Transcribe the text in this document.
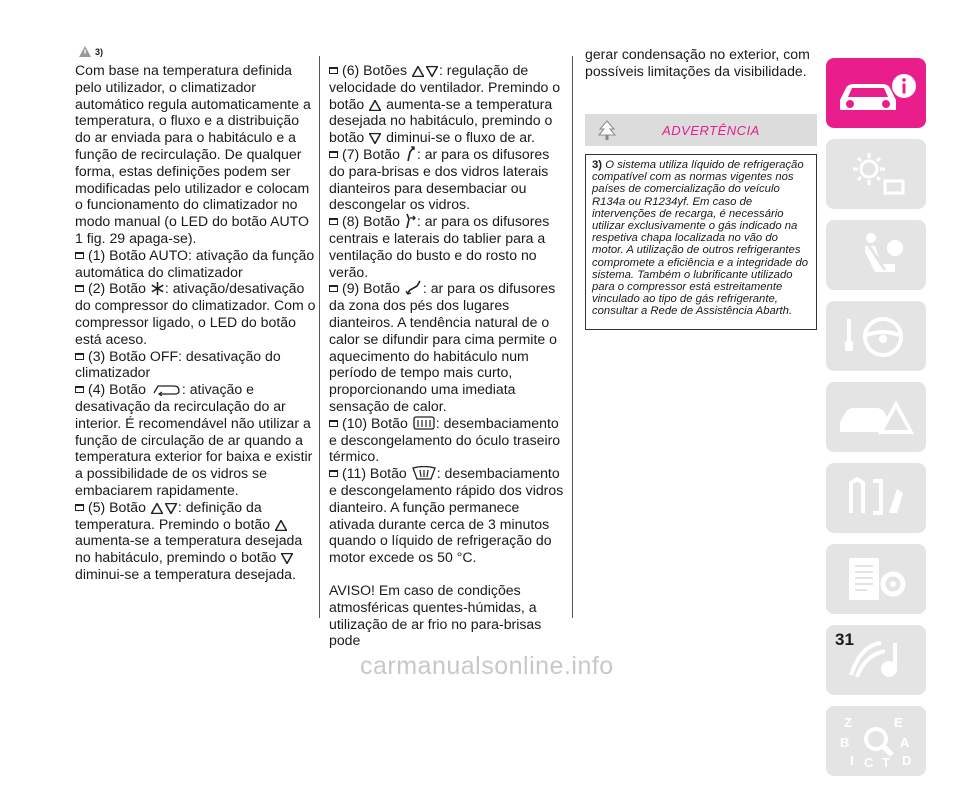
3)

Com base na temperatura definida pelo utilizador, o climatizador automático regula automaticamente a temperatura, o fluxo e a distribuição do ar enviada para o habitáculo e a função de recirculação. De qualquer forma, estas definições podem ser modificadas pelo utilizador e colocam o funcionamento do climatizador no modo manual (o LED do botão AUTO 1 fig. 29 apaga-se).

(1) Botão AUTO: ativação da função automática do climatizador

(2) Botão : ativação/desativação do compressor do climatizador. Com o compressor ligado, o LED do botão está aceso.

(3) Botão OFF: desativação do climatizador

(4) Botão : ativação e desativação da recirculação do ar interior. É recomendável não utilizar a função de circulação de ar quando a temperatura exterior for baixa e existir a possibilidade de os vidros se embaciarem rapidamente.

(5) Botão : definição da temperatura. Premindo o botão  aumenta-se a temperatura desejada no habitáculo, premindo o botão  diminui-se a temperatura desejada.

(6) Botões : regulação de velocidade do ventilador. Premindo o botão  aumenta-se a temperatura desejada no habitáculo, premindo o botão  diminui-se o fluxo de ar.

(7) Botão : ar para os difusores do para-brisas e dos vidros laterais dianteiros para desembaciar ou descongelar os vidros.

(8) Botão : ar para os difusores centrais e laterais do tablier para a ventilação do busto e do rosto no verão.

(9) Botão : ar para os difusores da zona dos pés dos lugares dianteiros. A tendência natural de o calor se difundir para cima permite o aquecimento do habitáculo num período de tempo mais curto, proporcionando uma imediata sensação de calor.

(10) Botão : desembaciamento e descongelamento do óculo traseiro térmico.

(11) Botão : desembaciamento e descongelamento rápido dos vidros dianteiro. A função permanece ativada durante cerca de 3 minutos quando o líquido de refrigeração do motor excede os 50 °C.

AVISO! Em caso de condições atmosféricas quentes-húmidas, a utilização de ar frio no para-brisas pode

gerar condensação no exterior, com possíveis limitações da visibilidade.

ADVERTÊNCIA
3) O sistema utiliza líquido de refrigeração compatível com as normas vigentes nos países de comercialização do veículo R134a ou R1234yf. Em caso de intervenções de recarga, é necessário utilizar exclusivamente o gás indicado na respetiva chapa localizada no vão do motor. A utilização de outros refrigerantes compromete a eficiência e a integridade do sistema. Também o lubrificante utilizado para o compressor está estreitamente vinculado ao tipo de gás refrigerante, consultar a Rede de Assistência Abarth.
Z	E
B	A
I C T D
31
carmanualsonline.info
